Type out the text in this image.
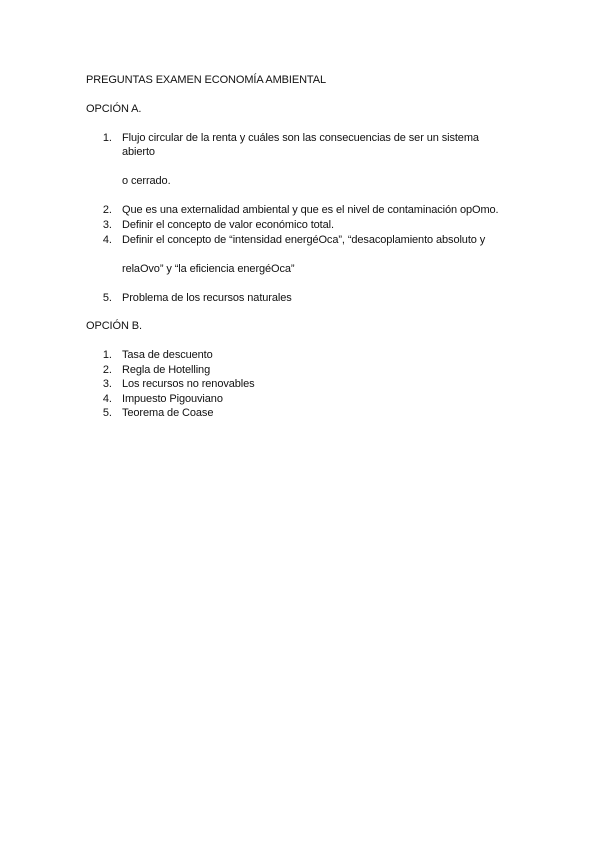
PREGUNTAS EXAMEN ECONOMÍA AMBIENTAL
OPCIÓN A.
1. Flujo circular de la renta y cuáles son las consecuencias de ser un sistema
abierto
o cerrado.
2. Que es una externalidad ambiental y que es el nivel de contaminación opOmo.
3. Definir el concepto de valor económico total.
4. Definir el concepto de “intensidad energéOca”, “desacoplamiento absoluto y
relaOvo” y “la eficiencia energéOca”
5. Problema de los recursos naturales
OPCIÓN B.
1. Tasa de descuento
2. Regla de Hotelling
3. Los recursos no renovables
4. Impuesto Pigouviano
5. Teorema de Coase
